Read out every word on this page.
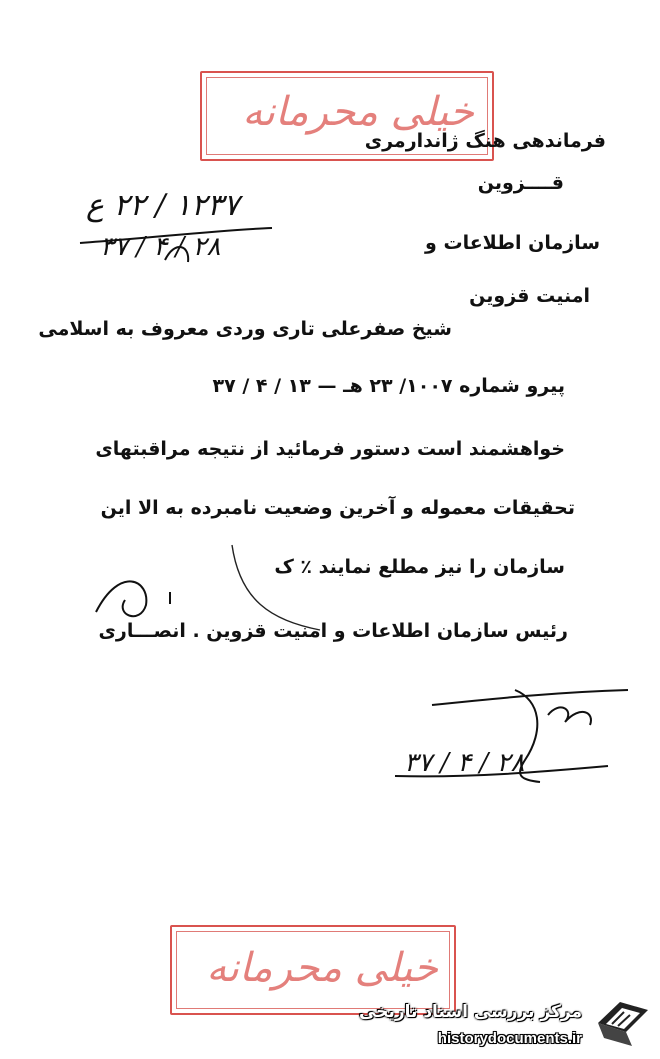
خیلی محرمانه
فرماندهی هنگ ژاندارمری
قــــزوین
سازمان اطلاعات و
امنیت قزوین
۱۲۳۷ / ۲۲ ع
۲۸ / ۴ / ۳۷
شیخ صفرعلی تاری وردی معروف به اسلامی
پیرو شماره ۱۰۰۷/ ۲۳ هـ — ۱۳ / ۴ / ۳۷
خواهشمند است دستور فرمائید از نتیجه مراقبتهای
تحقیقات معموله و آخرین وضعیت نامبرده به الا این
سازمان را نیز مطلع نمایند ٪ ک
رئیس سازمان اطلاعات و امنیت قزوین . انصـــاری
۲۸ / ۴ / ۳۷
خیلی محرمانه
مرکز بررسی اسناد تاریخی
historydocuments.ir
